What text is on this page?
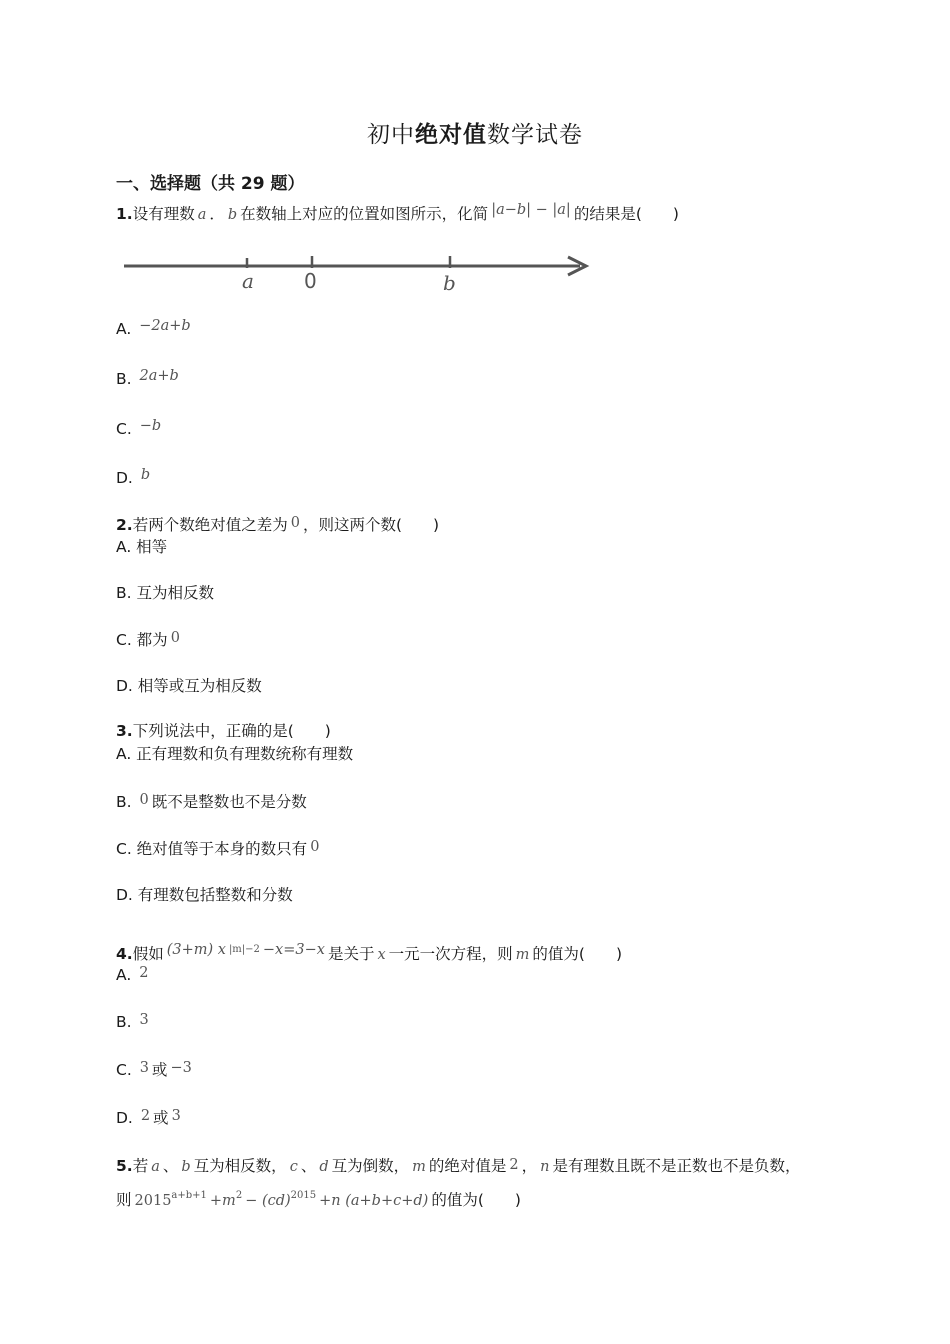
初中绝对值数学试卷
一、选择题（共 29 题）
1.设有理数 a ． b 在数轴上对应的位置如图所示，化简 |a−b| − |a| 的结果是(　　)
a	0	b
A. −2a+b
B. 2a+b
C. −b
D. b
2.若两个数绝对值之差为 0 ，则这两个数(　　)
A. 相等
B. 互为相反数
C. 都为 0
D. 相等或互为相反数
3.下列说法中，正确的是(　　)
A. 正有理数和负有理数统称有理数
B. 0 既不是整数也不是分数
C. 绝对值等于本身的数只有 0
D. 有理数包括整数和分数
4.假如 (3+m) x $^{|m|-2}$ −x=3−x 是关于 x 一元一次方程，则 m 的值为(　　)
A. 2
B. 3
C. 3 或 −3
D. 2 或 3
5.若 a 、 b 互为相反数， c 、 d 互为倒数， m 的绝对值是 2 ， n 是有理数且既不是正数也不是负数，
则 $2015^{a+b+1} +m^2 - (cd)^{2015} +n$ (a+b+c+d) 的值为(　　)
